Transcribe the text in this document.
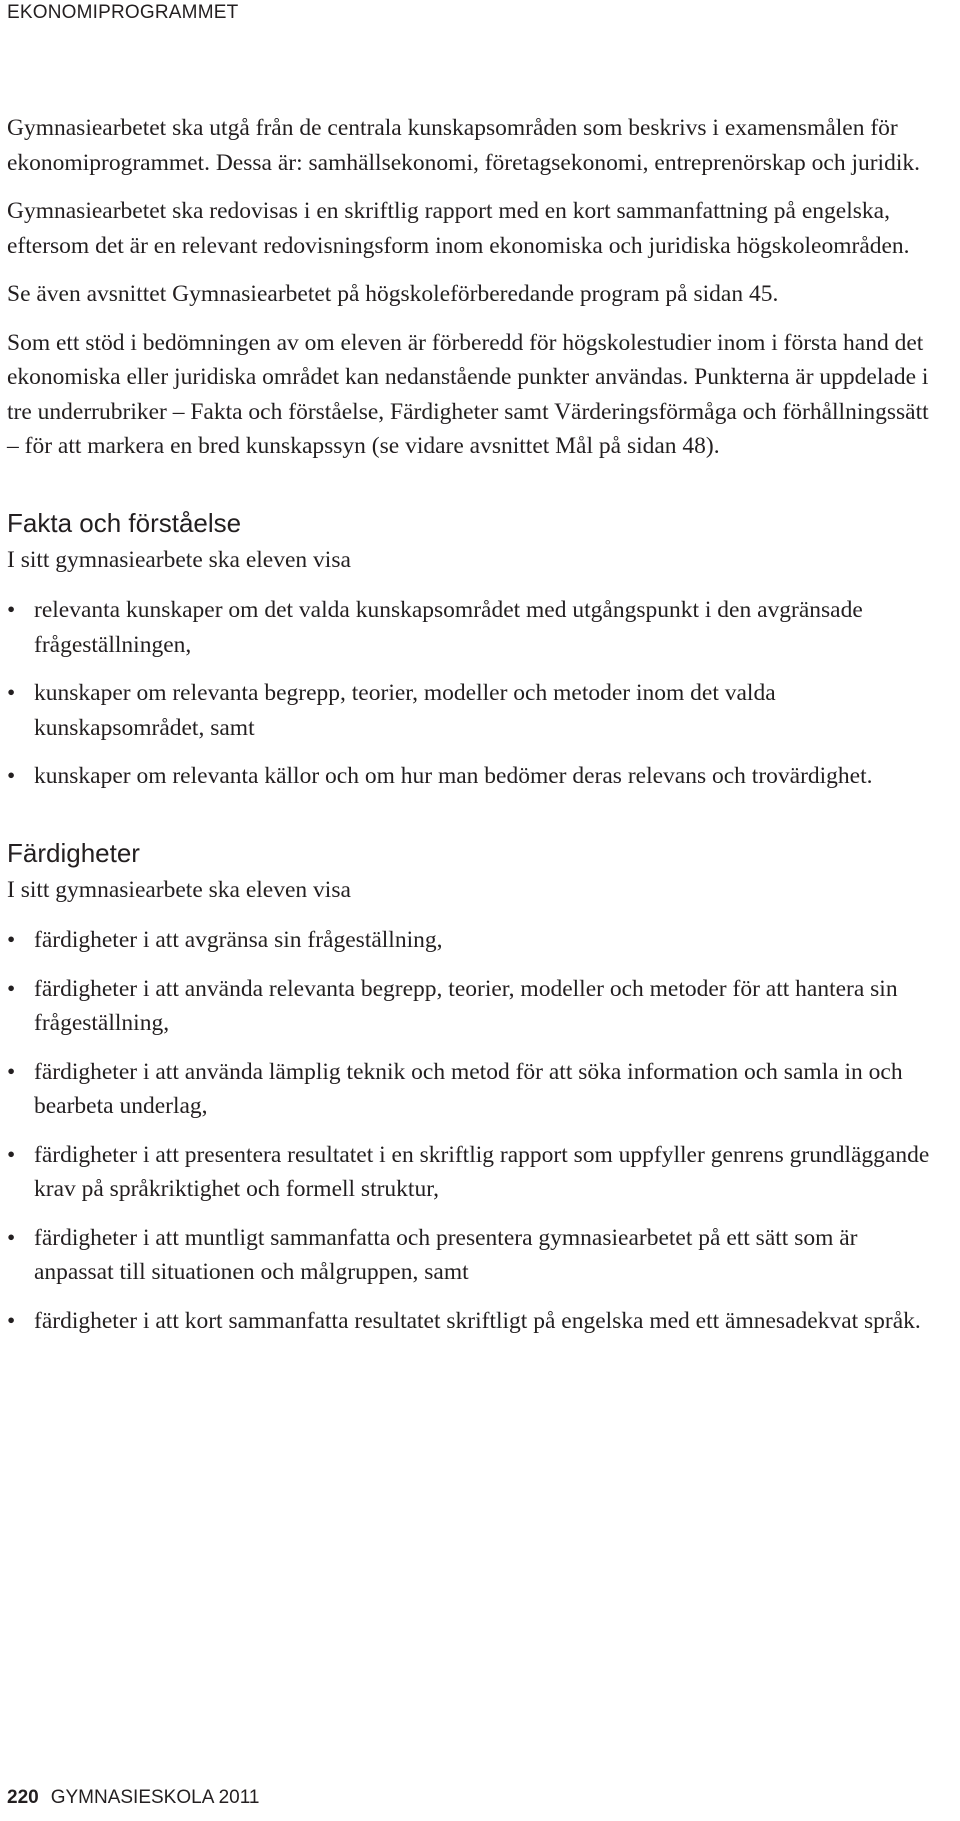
EKONOMIPROGRAMMET

Gymnasiearbetet ska utgå från de centrala kunskapsområden som beskrivs i examensmålen för ekonomiprogrammet. Dessa är: samhällsekonomi, företagsekonomi, entreprenörskap och juridik.

Gymnasiearbetet ska redovisas i en skriftlig rapport med en kort sammanfattning på engelska, eftersom det är en relevant redovisningsform inom ekonomiska och juridiska högskoleområden.

Se även avsnittet Gymnasiearbetet på högskoleförberedande program på sidan 45.

Som ett stöd i bedömningen av om eleven är förberedd för högskolestudier inom i första hand det ekonomiska eller juridiska området kan nedanstående punkter användas. Punkterna är uppdelade i tre underrubriker – Fakta och förståelse, Färdigheter samt Värderingsförmåga och förhållningssätt – för att markera en bred kunskapssyn (se vidare avsnittet Mål på sidan 48).

Fakta och förståelse

I sitt gymnasiearbete ska eleven visa

• relevanta kunskaper om det valda kunskapsområdet med utgångspunkt i den avgränsade frågeställningen,
• kunskaper om relevanta begrepp, teorier, modeller och metoder inom det valda kunskapsområdet, samt
• kunskaper om relevanta källor och om hur man bedömer deras relevans och trovärdighet.
Färdigheter

I sitt gymnasiearbete ska eleven visa

• färdigheter i att avgränsa sin frågeställning,
• färdigheter i att använda relevanta begrepp, teorier, modeller och metoder för att hantera sin frågeställning,
• färdigheter i att använda lämplig teknik och metod för att söka information och samla in och bearbeta underlag,
• färdigheter i att presentera resultatet i en skriftlig rapport som uppfyller genrens grundläggande krav på språkriktighet och formell struktur,
• färdigheter i att muntligt sammanfatta och presentera gymnasiearbetet på ett sätt som är anpassat till situationen och målgruppen, samt
• färdigheter i att kort sammanfatta resultatet skriftligt på engelska med ett ämnesadekvat språk.
220 GYMNASIESKOLA 2011
